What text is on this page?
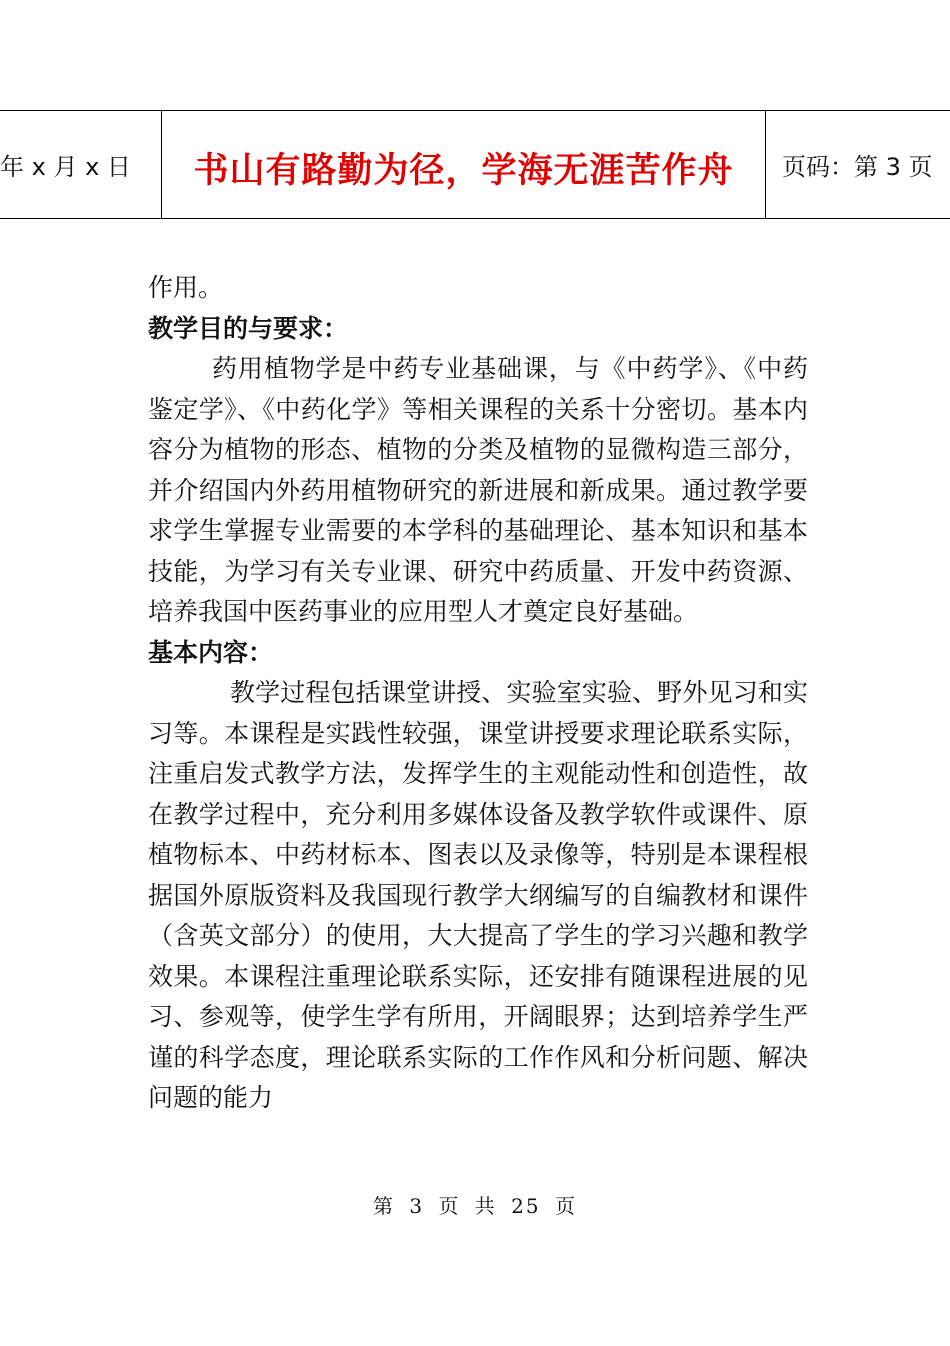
年 x 月 x 日	书山有路勤为径，学海无涯苦作舟	页码：第 3 页

作用。

教学目的与要求：

药用植物学是中药专业基础课，与《中药学》、《中药鉴定学》、《中药化学》等相关课程的关系十分密切。基本内容分为植物的形态、植物的分类及植物的显微构造三部分，并介绍国内外药用植物研究的新进展和新成果。通过教学要求学生掌握专业需要的本学科的基础理论、基本知识和基本技能，为学习有关专业课、研究中药质量、开发中药资源、培养我国中医药事业的应用型人才奠定良好基础。

基本内容：

教学过程包括课堂讲授、实验室实验、野外见习和实习等。本课程是实践性较强，课堂讲授要求理论联系实际，注重启发式教学方法，发挥学生的主观能动性和创造性，故在教学过程中，充分利用多媒体设备及教学软件或课件、原植物标本、中药材标本、图表以及录像等，特别是本课程根据国外原版资料及我国现行教学大纲编写的自编教材和课件（含英文部分）的使用，大大提高了学生的学习兴趣和教学效果。本课程注重理论联系实际，还安排有随课程进展的见习、参观等，使学生学有所用，开阔眼界；达到培养学生严谨的科学态度，理论联系实际的工作作风和分析问题、解决问题的能力

第 3 页 共 25 页
